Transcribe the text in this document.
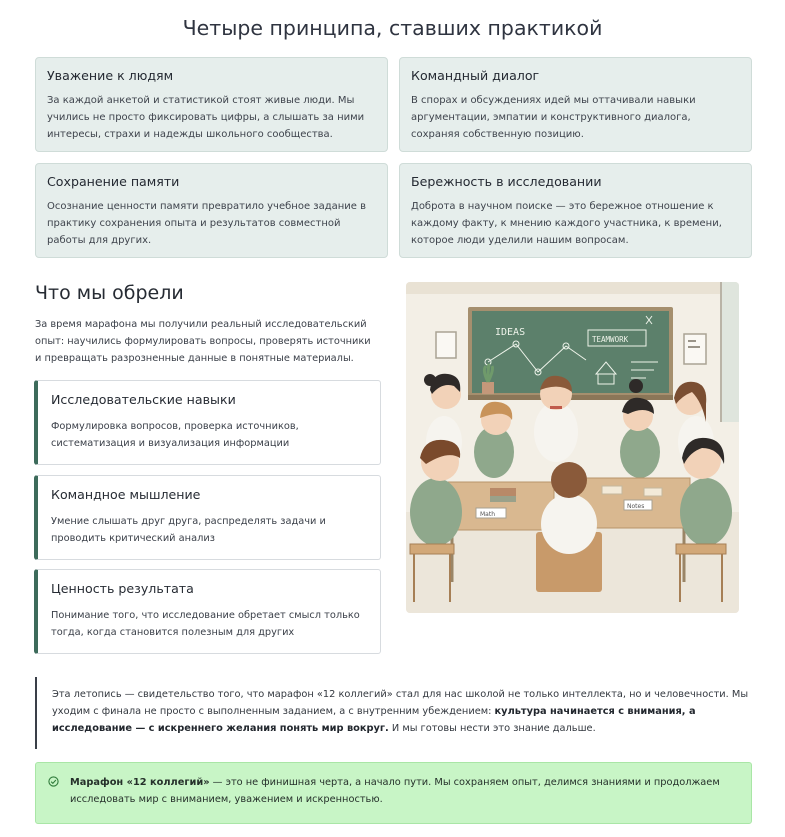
Четыре принципа, ставших практикой
Уважение к людям

За каждой анкетой и статистикой стоят живые люди. Мы учились не просто фиксировать цифры, а слышать за ними интересы, страхи и надежды школьного сообщества.

Командный диалог

В спорах и обсуждениях идей мы оттачивали навыки аргументации, эмпатии и конструктивного диалога, сохраняя собственную позицию.

Сохранение памяти

Осознание ценности памяти превратило учебное задание в практику сохранения опыта и результатов совместной работы для других.

Бережность в исследовании

Доброта в научном поиске — это бережное отношение к каждому факту, к мнению каждого участника, к времени, которое люди уделили нашим вопросам.

Что мы обрели

За время марафона мы получили реальный исследовательский опыт: научились формулировать вопросы, проверять источники и превращать разрозненные данные в понятные материалы.

Исследовательские навыки

Формулировка вопросов, проверка источников, систематизация и визуализация информации

Командное мышление

Умение слышать друг друга, распределять задачи и проводить критический анализ

Ценность результата

Понимание того, что исследование обретает смысл только тогда, когда становится полезным для других

IDEAS
TEAMWORK
Math
Notes
Эта летопись — свидетельство того, что марафон «12 коллегий» стал для нас школой не только интеллекта, но и человечности. Мы уходим с финала не просто с выполненным заданием, а с внутренним убеждением: культура начинается с внимания, а исследование — с искреннего желания понять мир вокруг. И мы готовы нести это знание дальше.
Марафон «12 коллегий» — это не финишная черта, а начало пути. Мы сохраняем опыт, делимся знаниями и продолжаем исследовать мир с вниманием, уважением и искренностью.
